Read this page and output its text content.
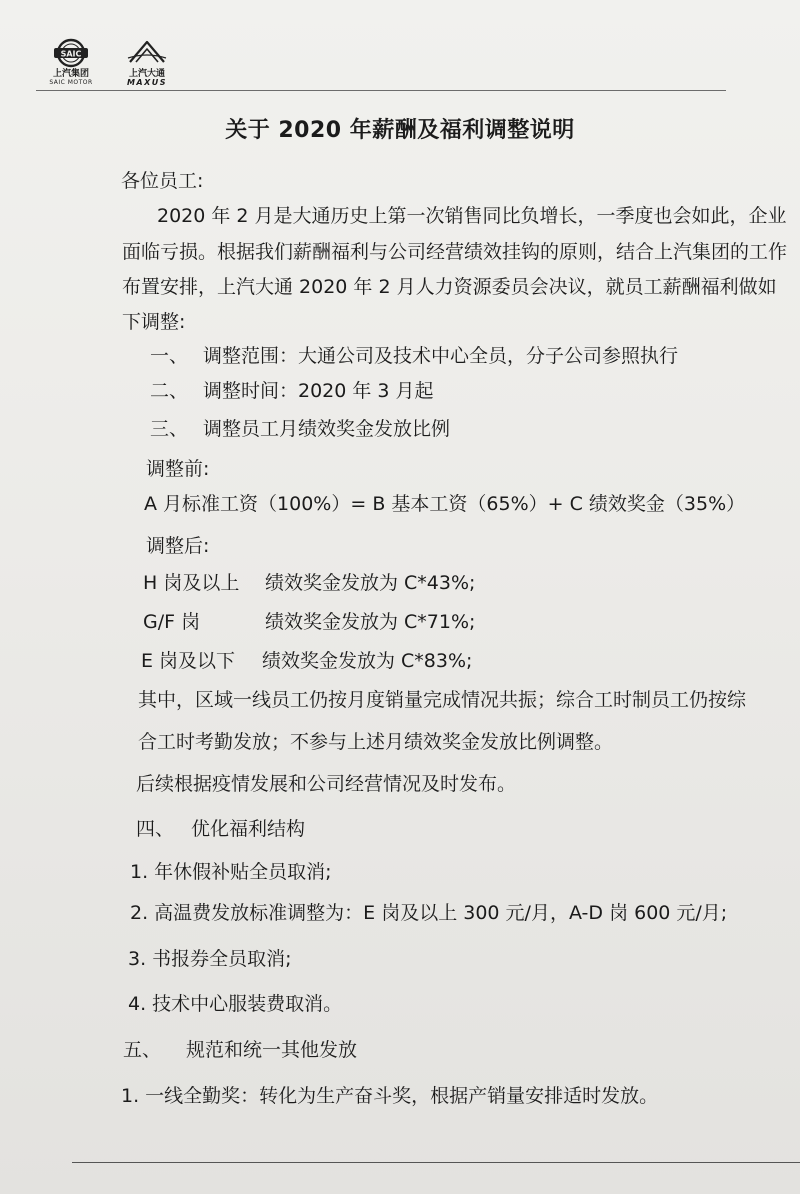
SAIC
上汽集团
SAIC MOTOR
上汽大通
MAXUS
关于 2020 年薪酬及福利调整说明
各位员工:
2020 年 2 月是大通历史上第一次销售同比负增长，一季度也会如此，企业
面临亏损。根据我们薪酬福利与公司经营绩效挂钩的原则，结合上汽集团的工作
布置安排，上汽大通 2020 年 2 月人力资源委员会决议，就员工薪酬福利做如
下调整:
一、 调整范围：大通公司及技术中心全员，分子公司参照执行
二、 调整时间：2020 年 3 月起
三、 调整员工月绩效奖金发放比例
调整前:
A 月标准工资（100%）= B 基本工资（65%）+ C 绩效奖金（35%）
调整后:
H 岗及以上 绩效奖金发放为 C*43%;
G/F 岗	绩效奖金发放为 C*71%;
E 岗及以下 绩效奖金发放为 C*83%;
其中，区域一线员工仍按月度销量完成情况共振；综合工时制员工仍按综
合工时考勤发放；不参与上述月绩效奖金发放比例调整。
后续根据疫情发展和公司经营情况及时发布。
四、 优化福利结构
1. 年休假补贴全员取消;
2. 高温费发放标准调整为：E 岗及以上 300 元/月，A-D 岗 600 元/月;
3. 书报券全员取消;
4. 技术中心服装费取消。
五、 规范和统一其他发放
1. 一线全勤奖：转化为生产奋斗奖，根据产销量安排适时发放。
